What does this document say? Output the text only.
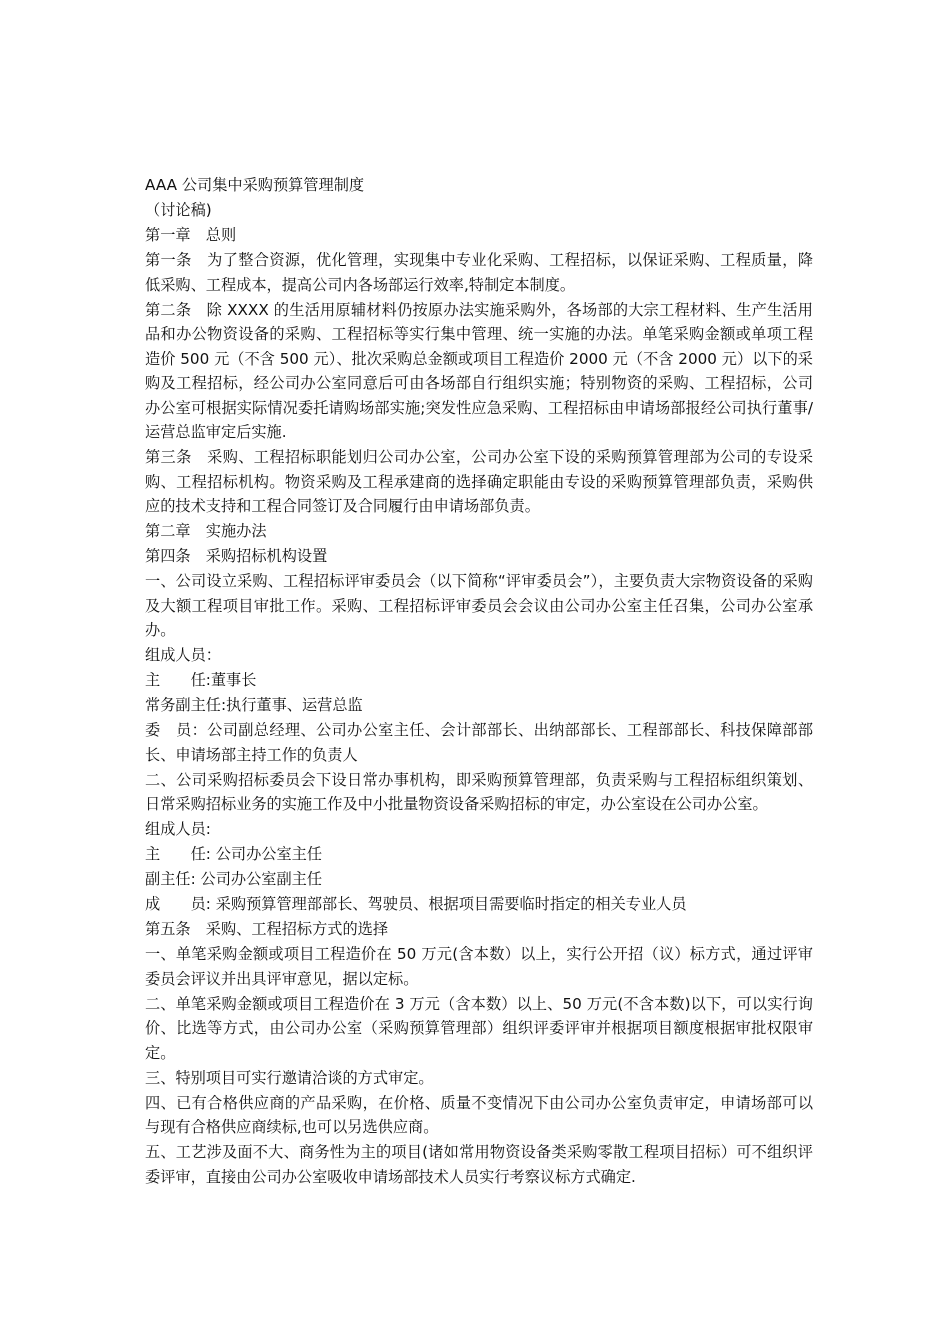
AAA 公司集中采购预算管理制度

（讨论稿)

第一章　总则

第一条　为了整合资源，优化管理，实现集中专业化采购、工程招标，以保证采购、工程质量，降低采购、工程成本，提高公司内各场部运行效率,特制定本制度。

第二条　除 XXXX 的生活用原辅材料仍按原办法实施采购外，各场部的大宗工程材料、生产生活用品和办公物资设备的采购、工程招标等实行集中管理、统一实施的办法。单笔采购金额或单项工程造价 500 元（不含 500 元）、批次采购总金额或项目工程造价 2000 元（不含 2000 元）以下的采购及工程招标，经公司办公室同意后可由各场部自行组织实施；特别物资的采购、工程招标，公司办公室可根据实际情况委托请购场部实施;突发性应急采购、工程招标由申请场部报经公司执行董事/运营总监审定后实施.

第三条　采购、工程招标职能划归公司办公室，公司办公室下设的采购预算管理部为公司的专设采购、工程招标机构。物资采购及工程承建商的选择确定职能由专设的采购预算管理部负责，采购供应的技术支持和工程合同签订及合同履行由申请场部负责。

第二章　实施办法

第四条　采购招标机构设置

一、公司设立采购、工程招标评审委员会（以下简称“评审委员会”），主要负责大宗物资设备的采购及大额工程项目审批工作。采购、工程招标评审委员会会议由公司办公室主任召集，公司办公室承办。

组成人员：

主　　任:董事长

常务副主任:执行董事、运营总监

委　员：公司副总经理、公司办公室主任、会计部部长、出纳部部长、工程部部长、科技保障部部长、申请场部主持工作的负责人

二、公司采购招标委员会下设日常办事机构，即采购预算管理部，负责采购与工程招标组织策划、日常采购招标业务的实施工作及中小批量物资设备采购招标的审定，办公室设在公司办公室。

组成人员:

主　　任: 公司办公室主任

副主任: 公司办公室副主任

成　　员: 采购预算管理部部长、驾驶员、根据项目需要临时指定的相关专业人员

第五条　采购、工程招标方式的选择

一、单笔采购金额或项目工程造价在 50 万元(含本数）以上，实行公开招（议）标方式，通过评审委员会评议并出具评审意见，据以定标。

二、单笔采购金额或项目工程造价在 3 万元（含本数）以上、50 万元(不含本数)以下，可以实行询价、比选等方式，由公司办公室（采购预算管理部）组织评委评审并根据项目额度根据审批权限审定。

三、特别项目可实行邀请洽谈的方式审定。

四、已有合格供应商的产品采购，在价格、质量不变情况下由公司办公室负责审定，申请场部可以与现有合格供应商续标,也可以另选供应商。

五、工艺涉及面不大、商务性为主的项目(诸如常用物资设备类采购零散工程项目招标）可不组织评委评审，直接由公司办公室吸收申请场部技术人员实行考察议标方式确定.
